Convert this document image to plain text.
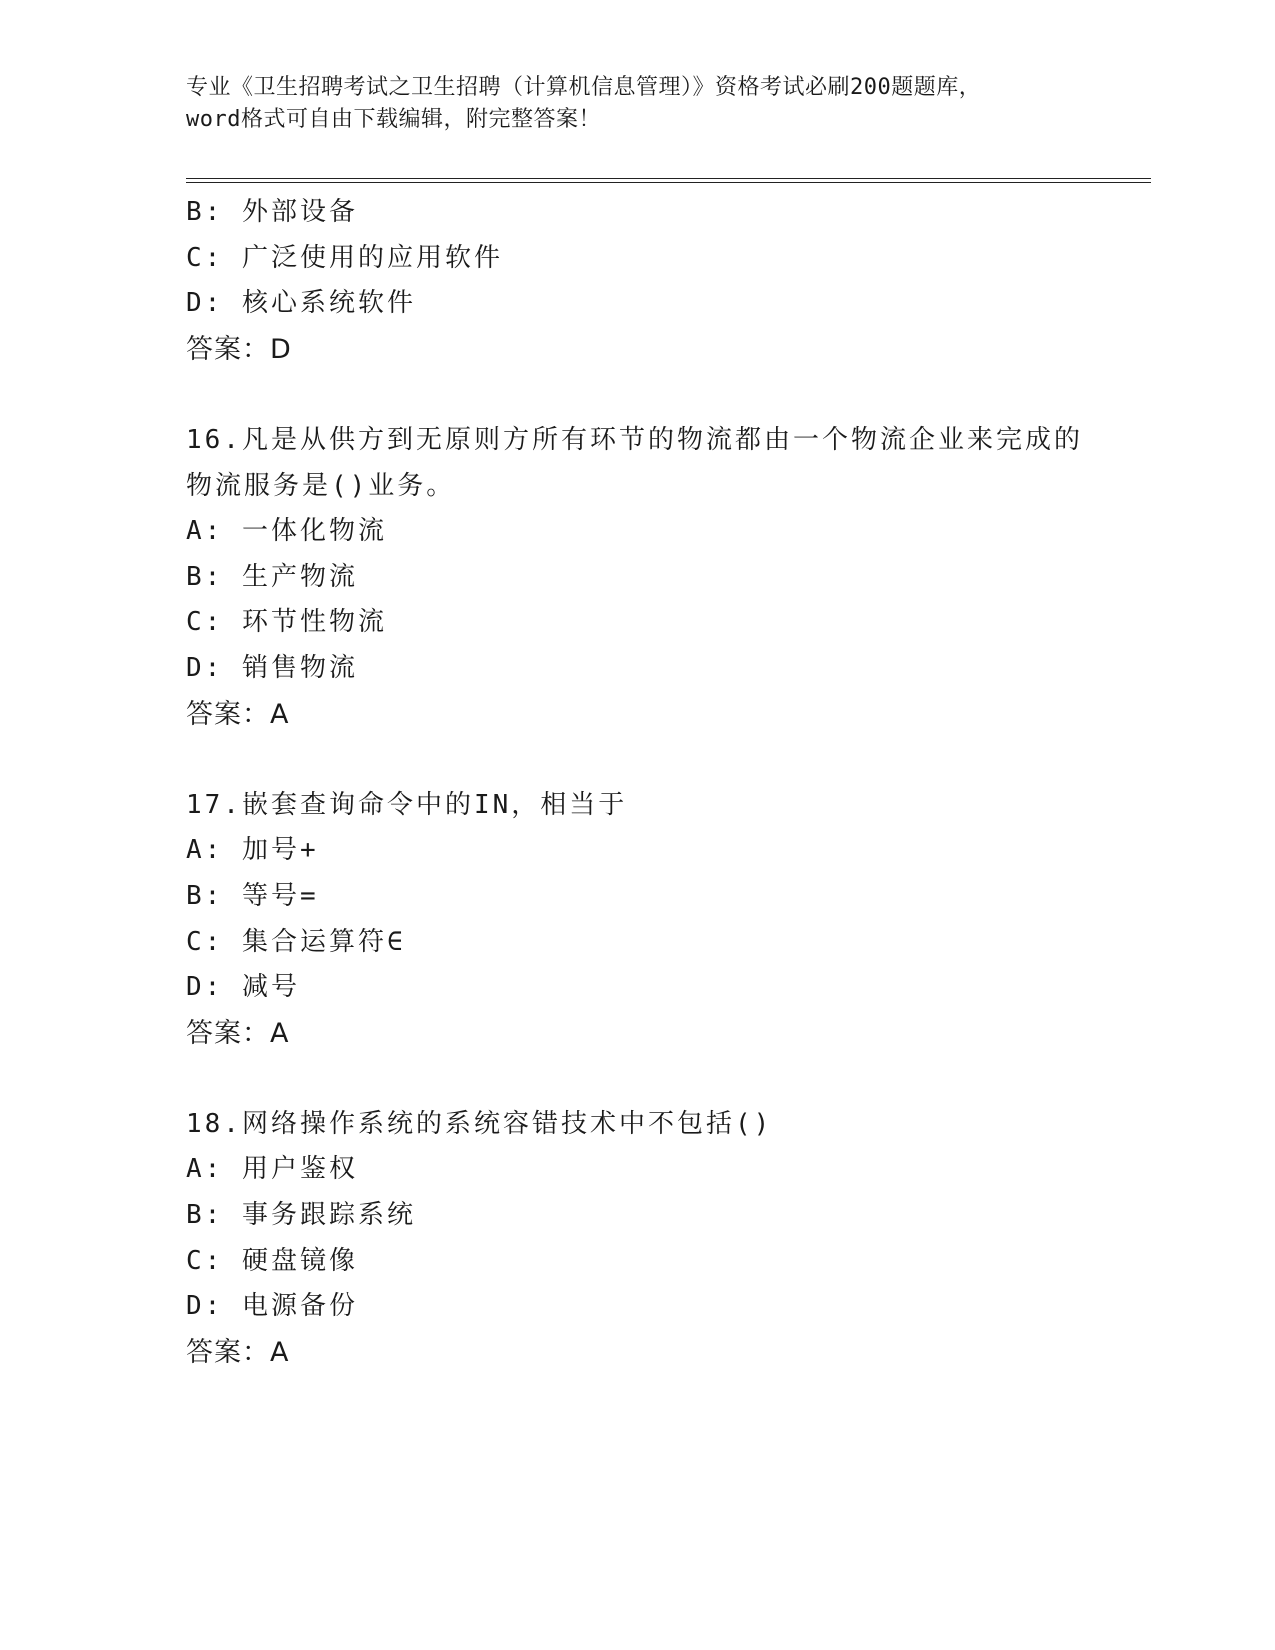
专业《卫生招聘考试之卫生招聘（计算机信息管理）》资格考试必刷200题题库，
word格式可自由下载编辑，附完整答案！
B: 外部设备
C: 广泛使用的应用软件
D: 核心系统软件
答案：D
16.凡是从供方到无原则方所有环节的物流都由一个物流企业来完成的
物流服务是()业务。
A: 一体化物流
B: 生产物流
C: 环节性物流
D: 销售物流
答案：A
17.嵌套查询命令中的IN，相当于
A: 加号+
B: 等号=
C: 集合运算符∈
D: 减号
答案：A
18.网络操作系统的系统容错技术中不包括()
A: 用户鉴权
B: 事务跟踪系统
C: 硬盘镜像
D: 电源备份
答案：A
